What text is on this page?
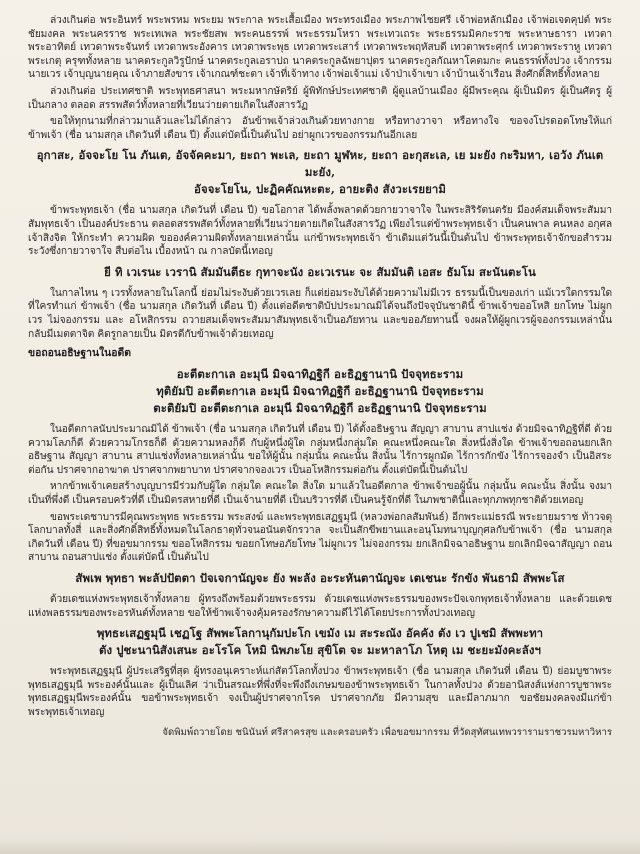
ล่วงเกินต่อ พระอินทร์ พระพรหม พระยม พระกาล พระเสื้อเมือง พระทรงเมือง พระภาพไชยศรี เจ้าพ่อหลักเมือง เจ้าพ่อเจดคุปต์ พระชัยมงคล พระนครราช พระเทเพล พระชัยสพ พระคนธรรพ์ พระธรรมโหรา พระเทวเถระ พระธรรมมิคกะราช พระหาษธารา เทวดาพระอาทิตย์ เทวดาพระจันทร์ เทวดาพระอังคาร เทวดาพระพุธ เทวดาพระเสาร์ เทวดาพระพฤหัสบดี เทวดาพระศุกร์ เทวดาพระราหู เทวดาพระเกตุ ครุฑทั้งหลาย นาคตระกูลวิรูปักษ์ นาคตระกูลเอราปถ นาคตระกูลฉัพยาปุตร นาคตระกูลกัณหาโคตมกะ คนธรรพ์ทั้งปวง เจ้ากรรมนายเวร เจ้าบุญนายคุณ เจ้าภายสังขาร เจ้าเกณฑ์ชะตา เจ้าที่เจ้าทาง เจ้าพ่อเจ้าแม่ เจ้าป่าเจ้าเขา เจ้าบ้านเจ้าเรือน สิ่งศักดิ์สิทธิ์ทั้งหลาย

ล่วงเกินต่อ ประเทศชาติ พระพุทธศาสนา พระมหากษัตริย์ ผู้พิทักษ์ประเทศชาติ ผู้ดูแลบ้านเมือง ผู้มีพระคุณ ผู้เป็นมิตร ผู้เป็นศัตรู ผู้เป็นกลาง ตลอด สรรพสัตว์ทั้งหลายที่เวียนว่ายตายเกิดในสังสารวัฏ

ขอให้ทุกนามที่กล่าวมาแล้วและไม่ได้กล่าว อันข้าพเจ้าล่วงเกินด้วยทางกาย หรือทางวาจา หรือทางใจ ขอจงโปรดอดโทษให้แก่ข้าพเจ้า (ชื่อ นามสกุล เกิดวันที่ เดือน ปี) ตั้งแต่บัดนี้เป็นต้นไป อย่าผูกเวรของกรรมกันอีกเลย

อุกาสะ, อัจจะโย โน ภันเต, อัจจัคคะมา, ยะถา พะเล, ยะถา มูฬหะ, ยะถา อะกุสะเล, เย มะยัง กะริมหา, เอวัง ภันเต มะยัง,
อัจจะโยโน, ปะฏิคคัณหะตะ, อายะติง สังวะเรยยามิ

ข้าพระพุทธเจ้า (ชื่อ นามสกุล เกิดวันที่ เดือน ปี) ขอโอกาส ได้พลั้งพลาดด้วยกายวาจาใจ ในพระสิริรัตนตรัย มีองค์สมเด็จพระสัมมาสัมพุทธเจ้า เป็นองค์ประธาน ตลอดสรรพสัตว์ทั้งหลายที่เวียนว่ายตายเกิดในสังสารวัฏ เพียงไรแต่ข้าพระพุทธเจ้า เป็นคนพาล คนหลง อกุศล เจ้าสิงจิต ให้กระทำ ความผิด ขอองค์ความผิดทั้งหลายเหล่านั้น แก่ข้าพระพุทธเจ้า ข้าเดิมแต่วันนี้เป็นต้นไป ข้าพระพุทธเจ้าจักขอสำรวมระวังซึ่งกายวาจาใจ สืบต่อไน เบื้องหน้า ณ กาลบัดนี้เทอญ

ยี ทิ เวเรนะ เวรานิ สัมมันตีธะ กุทาจะนัง อะเวเรนะ จะ สัมมันติ เอสะ ธัมโม สะนันตะโน

ในกาลไหน ๆ เวรทั้งหลายในโลกนี้ ย่อมไม่ระงับด้วยเวรเลย ก็แต่ย่อมระงับได้ด้วยความไม่มีเวร ธรรมนี้เป็นของเก่า แม้เวรใดกรรมใดที่ใครทำแก่ ข้าพเจ้า (ชื่อ นามสกุล เกิดวันที่ เดือน ปี) ตั้งแต่อดีตชาติบัปประมาณมิได้จนถึงปัจจุบันชาตินี้ ข้าพเจ้าขออโหสิ ยกโทษ ไม่ผูกเวร ไม่จองกรรม และ อโหสิกรรม ถวายสมเด็จพระสัมมาสัมพุทธเจ้าเป็นอภัยทาน และขออภัยทานนี้ จงผลให้ผู้ผูกเวรผู้จองกรรมเหล่านั้น กลับมีเมตตาจิต คิดรูกลายเป็น มิตรดีกับข้าพเจ้าด้วยเทอญ

ขอถอนอธิษฐานในอดีต
อะตีตะกาเล อะมุนี มิจฉาทิฏฐิกี อะธิฏฐานานิ ปัจจุทธะราม
ทุติยัมปิ อะตีตะกาเล อะมุนี มิจฉาทิฏฐิกี อะธิฏฐานานิ ปัจจุทธะราม
ตะติยัมปิ อะตีตะกาเล อะมุนี มิจฉาทิฏฐิกี อะธิฏฐานานิ ปัจจุทธะราม

ในอดีตกาลนับประมาณมิได้ ข้าพเจ้า (ชื่อ นามสกุล เกิดวันที่ เดือน ปี) ได้ตั้งอธิษฐาน สัญญา สาบาน สาปแช่ง ด้วยมิจฉาทิฏฐิที่ดี ด้วยความโลภก็ดี ด้วยความโกรธก็ดี ด้วยความหลงก็ดี กับผู้หนึ่งผู้ใด กลุ่มหนึ่งกลุ่มใด คณะหนึ่งคณะใด สิ่งหนึ่งสิ่งใด ข้าพเจ้าขอถอนยกเลิกอธิษฐาน สัญญา สาบาน สาปแช่งทั้งหลายเหล่านั้น ขอให้ผู้นั้น กลุ่มนั้น คณะนั้น สิ่งนั้น ไร้การผูกมัด ไร้การกักขัง ไร้การจองจำ เป็นอิสระต่อกัน ปราศจากอาฆาต ปราศจากพยาบาท ปราศจากจองเวร เป็นอโหสิกรรมต่อกัน ตั้งแต่บัดนี้เป็นต้นไป

หากข้าพเจ้าเคยสร้างบุญบารมีร่วมกับผู้ใด กลุ่มใด คณะใด สิ่งใด มาแล้วในอดีตกาล ข้าพเจ้าขอผู้นั้น กลุ่มนั้น คณะนั้น สิ่งนั้น จงมาเป็นที่พึ่งดี เป็นครอบครัวที่ดี เป็นมิตรสหายที่ดี เป็นเจ้านายที่ดี เป็นบริวารที่ดี เป็นคนรู้จักที่ดี ในภพชาตินี้และทุกภพทุกชาติด้วยเทอญ

ขอพระเดชาบารมีคุณพระพุทธ พระธรรม พระสงฆ์ และพระพุทธเสฏฐมุนี (หลวงพ่อกลสัมพันธ์) อีกพระแม่ธรณี พระยายมราช ท้าวจตุโลกบาลทั้งสี่ และสิ่งศักดิ์สิทธิ์ทั้งหมดในโลกธาตุทั่วจนอนันตจักรวาล จะเป็นสักขีพยานและอนุโมทนาบุญกุศลกับข้าพเจ้า (ชื่อ นามสกุล เกิดวันที่ เดือน ปี) ที่ขอขมากรรม ขออโหสิกรรม ขอยกโทษอภัยโทษ ไม่ผูกเวร ไม่จองกรรม ยกเลิกมิจฉาอธิษฐาน ยกเลิกมิจฉาสัญญา ถอนสาบาน ถอนสาปแช่ง ตั้งแต่บัดนี้ เป็นต้นไป

สัพเพ พุทธา พะลัปปัตตา ปัจเจกานัญจะ ยัง พะลัง อะระหันตานัญจะ เตเชนะ รักขัง พันธามิ สัพพะโส

ด้วยเดชแห่งพระพุทธเจ้าทั้งหลาย ผู้ทรงถึงพร้อมด้วยพระธรรม ด้วยเดชแห่งพระธรรมของพระปัจเจกพุทธเจ้าทั้งหลาย และด้วยเดชแห่งพลธรรมของพระอรหันต์ทั้งหลาย ขอให้ข้าพเจ้าจงคุ้มครองรักษาความดีไว้ได้โดยประการทั้งปวงเทอญ

พุทธะเสฏฐมุนี เชฏโฐ สัพพะโลกานุกัมปะโก เขมัง เม สะระณัง อัคคัง ตัง เว ปูเชมิ สัพพะทา
ตัง ปูชะนานิสังเสนะ อะโรโค โหมิ นิพภะโย สุขิโต จะ มะหาลาโภ โหตุ เม ชะยะมังคะลังฯ

พระพุทธเสฏฐมุนี ผู้ประเสริฐที่สุด ผู้ทรงอนุเคราะห์แก่สัตว์โลกทั้งปวง ข้าพระพุทธเจ้า (ชื่อ นามสกุล เกิดวันที่ เดือน ปี) ย่อมบูชาพระพุทธเสฏฐมุนี พระองค์นั้นและ ผู้เป็นเลิศ ว่าเป็นสรณะที่พึ่งที่จะพึงถึงเกษมของข้าพระพุทธเจ้า ในกาลทั้งปวง ด้วยอานิสงส์แห่งการบูชาพระพุทธเสฏฐมุนีพระองค์นั้น ขอข้าพระพุทธเจ้า จงเป็นผู้ปราศจากโรค ปราศจากภัย มีความสุข และมีลาภมาก ขอชัยมงคลจงมีแก่ข้าพระพุทธเจ้าเทอญ

จัดพิมพ์ถวายโดย ชนินันท์ ศรีสาครสุข และครอบครัว เพื่อขอขมากรรม ที่วัดสุทัศนเทพวรารามราชวรมหาวิหาร
